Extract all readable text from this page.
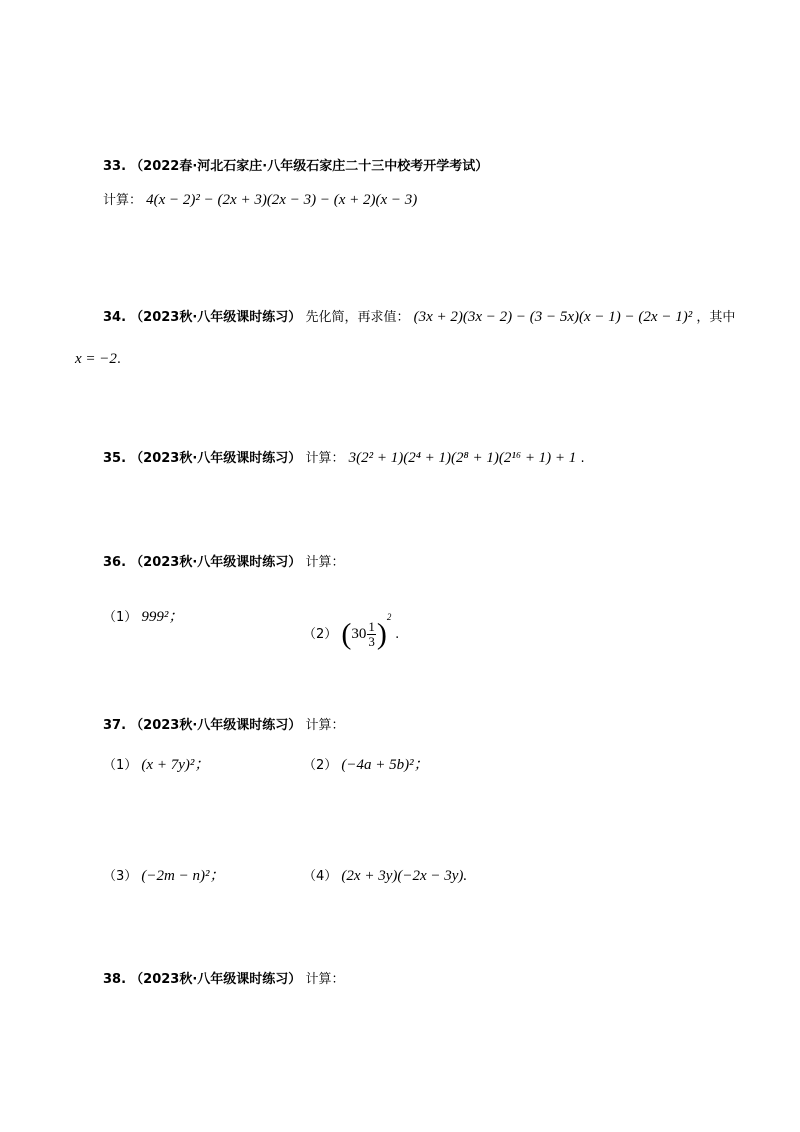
33. （2022春·河北石家庄·八年级石家庄二十三中校考开学考试）
计算： 4(x − 2)² − (2x + 3)(2x − 3) − (x + 2)(x − 3)
34. （2023秋·八年级课时练习） 先化简，再求值： (3x + 2)(3x − 2) − (3 − 5x)(x − 1) − (2x − 1)² ，其中
x = −2.
35. （2023秋·八年级课时练习） 计算： 3(2² + 1)(2⁴ + 1)(2⁸ + 1)(2¹⁶ + 1) + 1 .
36. （2023秋·八年级课时练习） 计算：
（1） 999²；
（2） $(30 \frac{1}{3} )^2$ .
37. （2023秋·八年级课时练习） 计算：
（1） (x + 7y)²；	（2） (−4a + 5b)²；
（3） (−2m − n)²；	（4） (2x + 3y)(−2x − 3y).
38. （2023秋·八年级课时练习） 计算：
